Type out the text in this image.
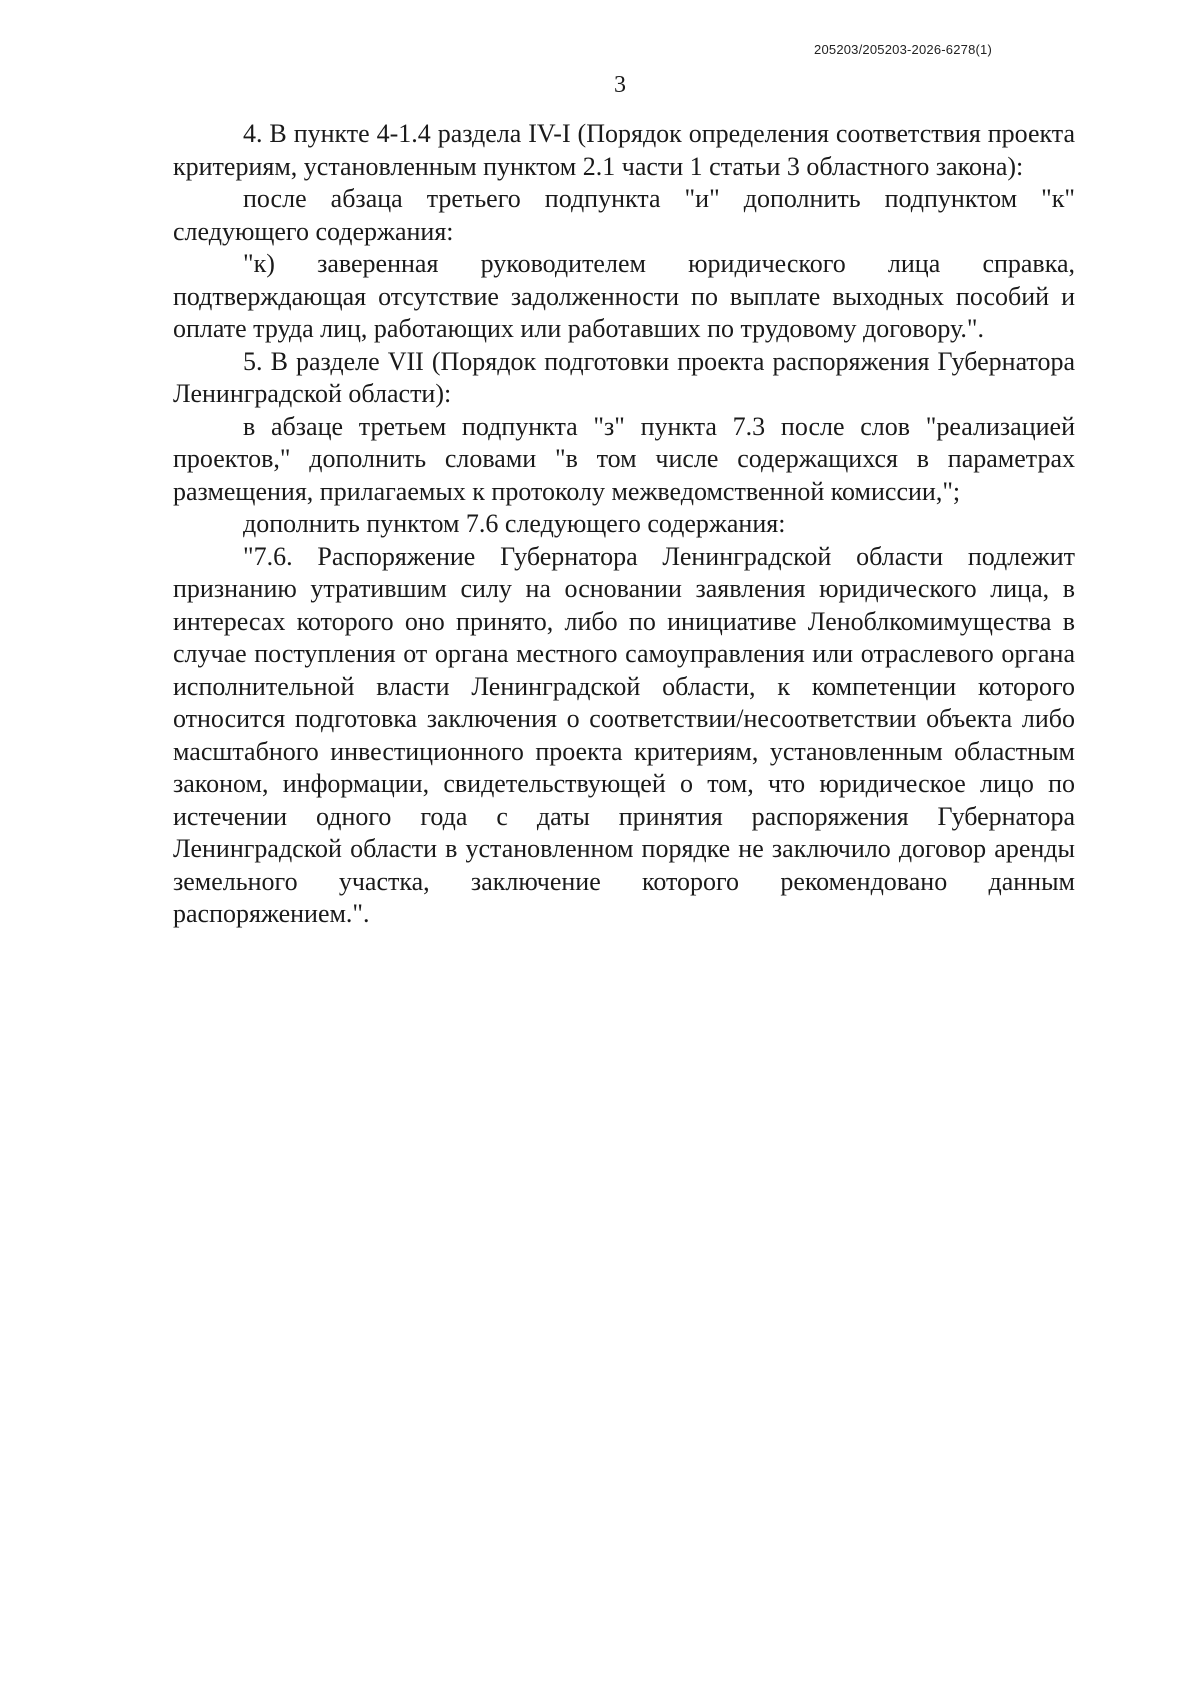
205203/205203-2026-6278(1)
3

4. В пункте 4-1.4 раздела IV-I (Порядок определения соответствия проекта критериям, установленным пунктом 2.1 части 1 статьи 3 областного закона):

после абзаца третьего подпункта "и" дополнить подпунктом "к" следующего содержания:

"к) заверенная руководителем юридического лица справка, подтверждающая отсутствие задолженности по выплате выходных пособий и оплате труда лиц, работающих или работавших по трудовому договору.".

5. В разделе VII (Порядок подготовки проекта распоряжения Губернатора Ленинградской области):

в абзаце третьем подпункта "з" пункта 7.3 после слов "реализацией проектов," дополнить словами "в том числе содержащихся в параметрах размещения, прилагаемых к протоколу межведомственной комиссии,";

дополнить пунктом 7.6 следующего содержания:

"7.6. Распоряжение Губернатора Ленинградской области подлежит признанию утратившим силу на основании заявления юридического лица, в интересах которого оно принято, либо по инициативе Леноблкомимущества в случае поступления от органа местного самоуправления или отраслевого органа исполнительной власти Ленинградской области, к компетенции которого относится подготовка заключения о соответствии/несоответствии объекта либо масштабного инвестиционного проекта критериям, установленным областным законом, информации, свидетельствующей о том, что юридическое лицо по истечении одного года с даты принятия распоряжения Губернатора Ленинградской области в установленном порядке не заключило договор аренды земельного участка, заключение которого рекомендовано данным распоряжением.".
